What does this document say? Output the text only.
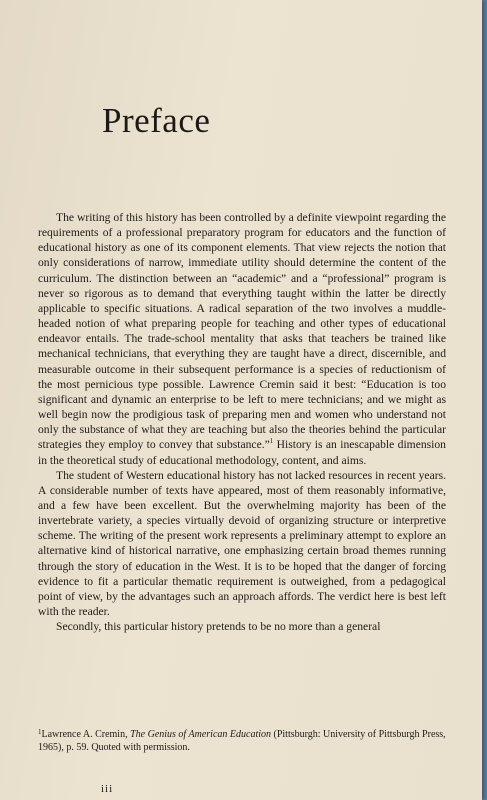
Preface

The writing of this history has been controlled by a definite viewpoint regarding the requirements of a professional preparatory program for educators and the function of educational history as one of its component elements. That view rejects the notion that only considerations of narrow, immediate utility should determine the content of the curriculum. The distinction between an “academic” and a “professional” program is never so rigorous as to demand that everything taught within the latter be directly applicable to specific situations. A radical separation of the two involves a muddle-headed notion of what preparing people for teaching and other types of educational endeavor entails. The trade-school mentality that asks that teachers be trained like mechanical technicians, that everything they are taught have a direct, discernible, and measurable outcome in their subsequent performance is a species of reductionism of the most pernicious type possible. Lawrence Cremin said it best: “Education is too significant and dynamic an enterprise to be left to mere technicians; and we might as well begin now the prodigious task of preparing men and women who understand not only the substance of what they are teaching but also the theories behind the particular strategies they employ to convey that substance.”$^1$ History is an inescapable dimension in the theoretical study of educational methodology, content, and aims.

The student of Western educational history has not lacked resources in recent years. A considerable number of texts have appeared, most of them reasonably informative, and a few have been excellent. But the overwhelming majority has been of the invertebrate variety, a species virtually devoid of organizing structure or interpretive scheme. The writing of the present work represents a preliminary attempt to explore an alternative kind of historical narrative, one emphasizing certain broad themes running through the story of education in the West. It is to be hoped that the danger of forcing evidence to fit a particular thematic requirement is outweighed, from a pedagogical point of view, by the advantages such an approach affords. The verdict here is best left with the reader.

Secondly, this particular history pretends to be no more than a general

$^1$Lawrence A. Cremin, The Genius of American Education (Pittsburgh: University of Pittsburgh Press, 1965), p. 59. Quoted with permission.
iii
